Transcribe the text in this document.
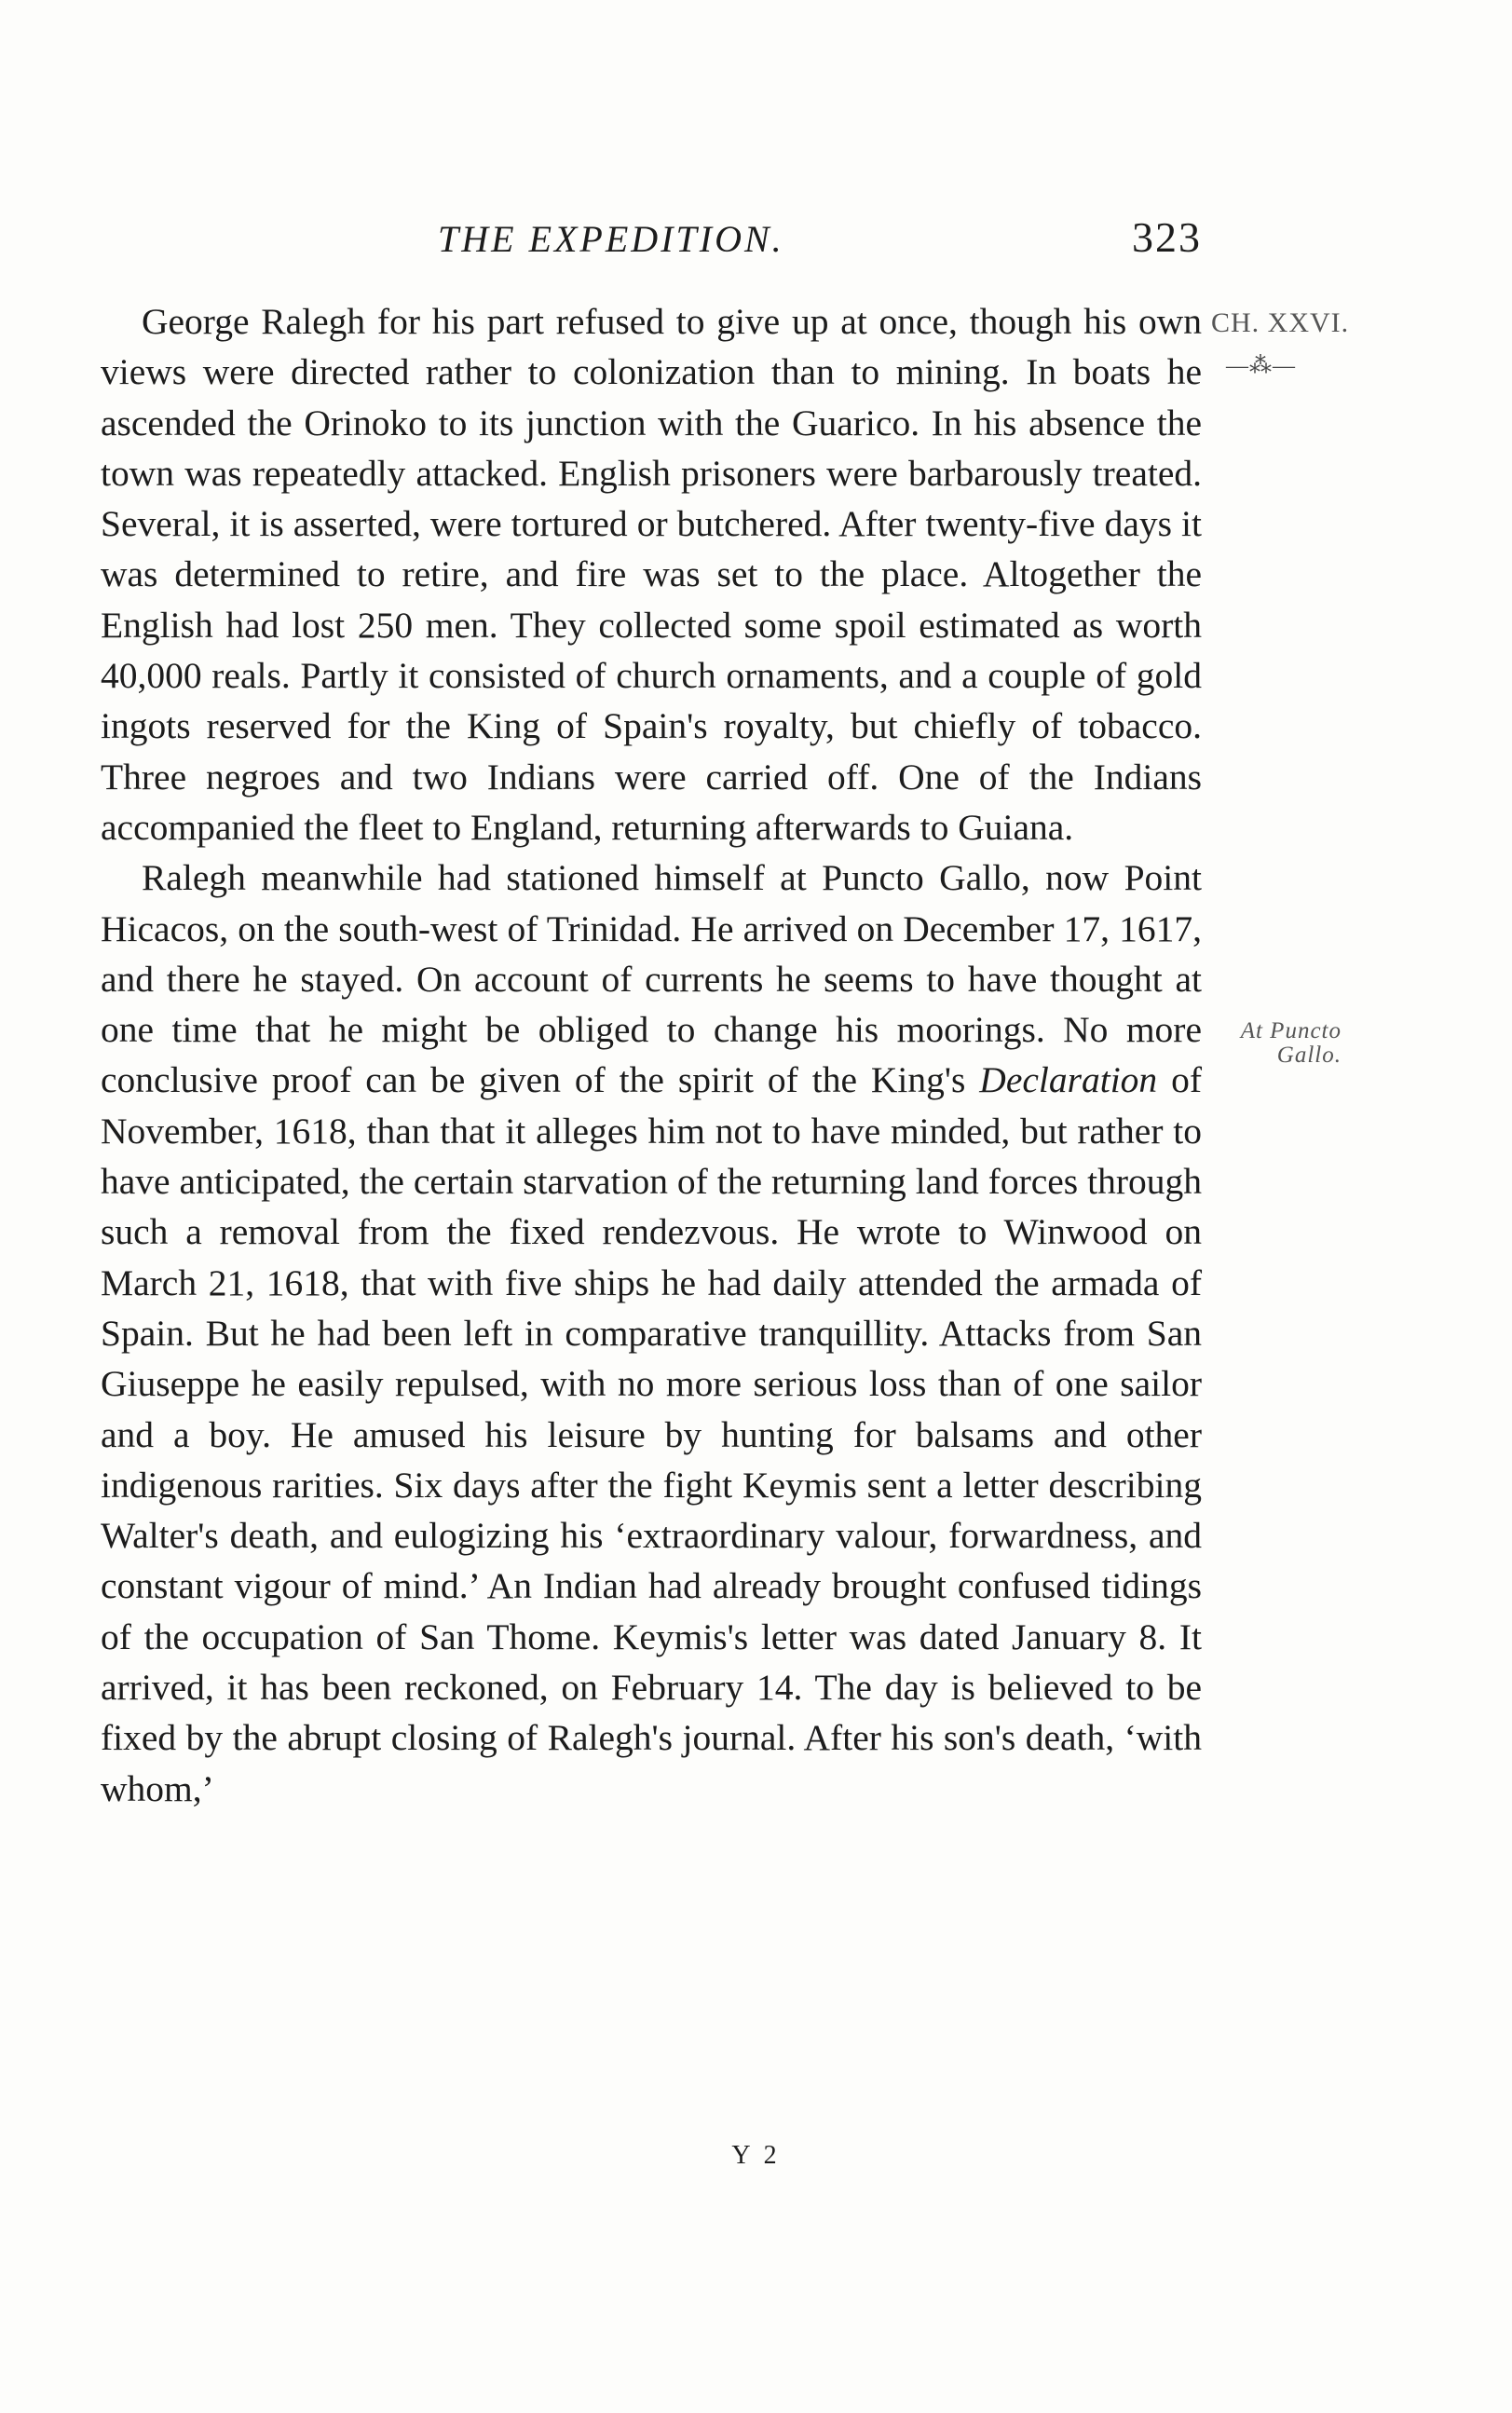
THE EXPEDITION.	323
CH. XXVI.
—⁂—
At Puncto
Gallo.

George Ralegh for his part refused to give up at once, though his own views were directed rather to colonization than to mining. In boats he ascended the Orinoko to its junction with the Guarico. In his absence the town was repeatedly attacked. English prisoners were barbarously treated. Several, it is asserted, were tortured or butchered. After twenty-five days it was determined to retire, and fire was set to the place. Altogether the English had lost 250 men. They collected some spoil estimated as worth 40,000 reals. Partly it consisted of church ornaments, and a couple of gold ingots reserved for the King of Spain's royalty, but chiefly of tobacco. Three negroes and two Indians were carried off. One of the Indians accompanied the fleet to England, returning afterwards to Guiana.

Ralegh meanwhile had stationed himself at Puncto Gallo, now Point Hicacos, on the south-west of Trinidad. He arrived on December 17, 1617, and there he stayed. On account of currents he seems to have thought at one time that he might be obliged to change his moorings. No more conclusive proof can be given of the spirit of the King's Declaration of November, 1618, than that it alleges him not to have minded, but rather to have anticipated, the certain starvation of the returning land forces through such a removal from the fixed rendezvous. He wrote to Winwood on March 21, 1618, that with five ships he had daily attended the armada of Spain. But he had been left in comparative tranquillity. Attacks from San Giuseppe he easily repulsed, with no more serious loss than of one sailor and a boy. He amused his leisure by hunting for balsams and other indigenous rarities. Six days after the fight Keymis sent a letter describing Walter's death, and eulogizing his ‘extraordinary valour, forwardness, and constant vigour of mind.’ An Indian had already brought confused tidings of the occupation of San Thome. Keymis's letter was dated January 8. It arrived, it has been reckoned, on February 14. The day is believed to be fixed by the abrupt closing of Ralegh's journal. After his son's death, ‘with whom,’

Y 2
